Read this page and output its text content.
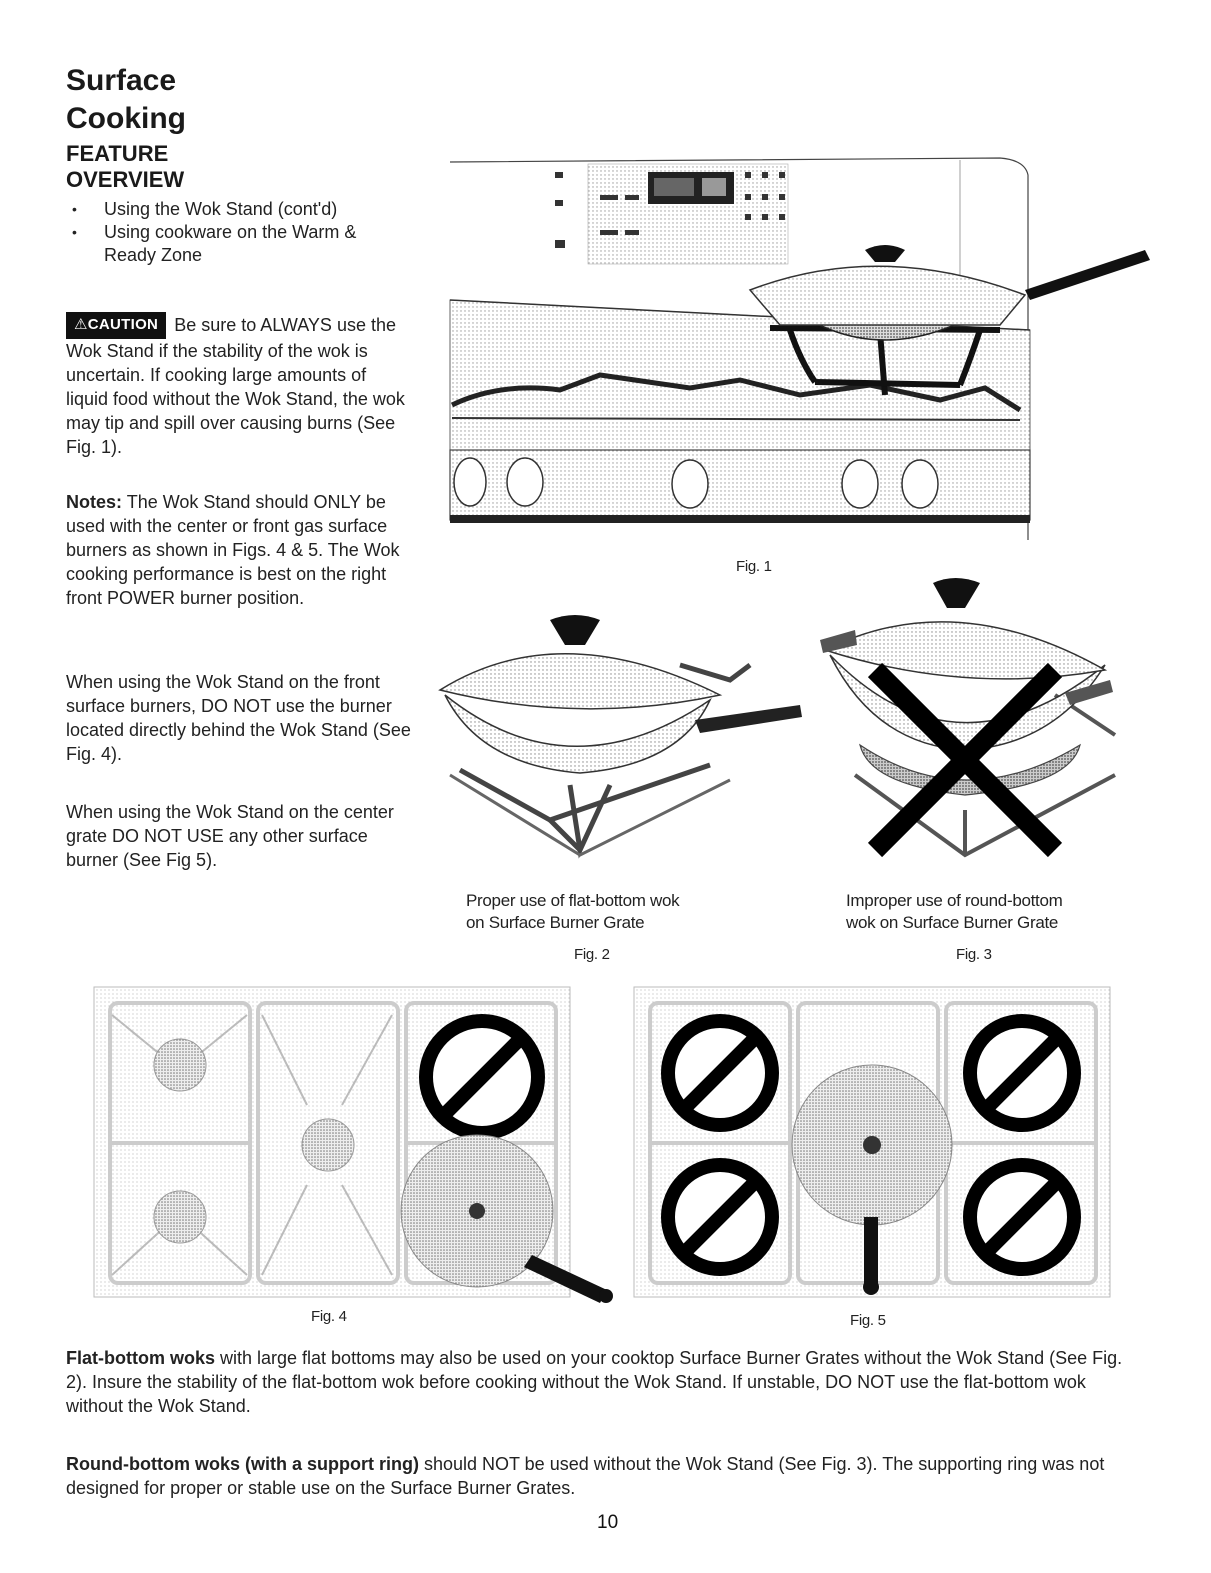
Surface
Cooking
FEATURE
OVERVIEW
• Using the Wok Stand (cont'd)
• Using cookware on the Warm & Ready Zone
⚠CAUTION Be sure to ALWAYS use the Wok Stand if the stability of the wok is uncertain. If cooking large amounts of liquid food without the Wok Stand, the wok may tip and spill over causing burns (See Fig. 1).
Notes: The Wok Stand should ONLY be used with the center or front gas surface burners as shown in Figs. 4 & 5. The Wok cooking performance is best on the right front POWER burner position.
When using the Wok Stand on the front surface burners, DO NOT use the burner located directly behind the Wok Stand (See Fig. 4).
When using the Wok Stand on the center grate DO NOT USE any other surface burner (See Fig 5).
Fig. 1
Proper use of flat-bottom wok
on Surface Burner Grate
Fig. 2
Improper use of round-bottom
wok on Surface Burner Grate
Fig. 3
Fig. 4	Fig. 5
Flat-bottom woks with large flat bottoms may also be used on your cooktop Surface Burner Grates without the Wok Stand (See Fig. 2). Insure the stability of the flat-bottom wok before cooking without the Wok Stand. If unstable, DO NOT use the flat-bottom wok without the Wok Stand.
Round-bottom woks (with a support ring) should NOT be used without the Wok Stand (See Fig. 3). The supporting ring was not designed for proper or stable use on the Surface Burner Grates.
10
